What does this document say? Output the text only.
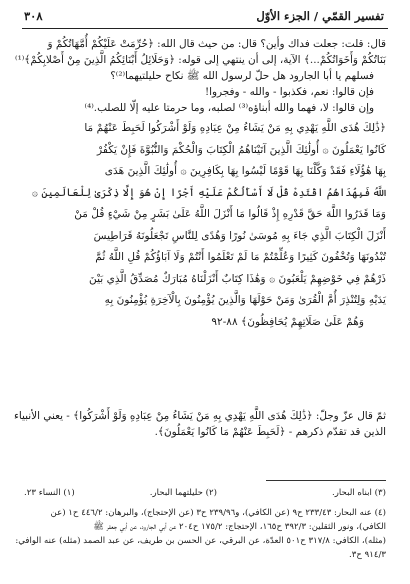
٣٠٨	تفسير القمّي / الجزء الأوّل
قال: قلت: جعلت فداك وأين؟ قال: من حيث قال الله: ﴿حُرِّمَتْ عَلَيْكُمْ أُمَّهَاتُكُمْ وَ
بَنَاتُكُمْ وَأَخَوَاتُكُمْ...﴾ الآية، إلى أن ينتهي إلى قوله: ﴿وَحَلَائِلُ أَبْنَائِكُمُ الَّذِينَ مِنْ أَصْلابِكُمْ﴾⁽¹⁾
فسلهم يا أبا الجارود هل حلّ لرسول الله ﷺ نكاح حليلتيهما⁽²⁾؟
فإن قالوا: نعم، فكذبوا - والله - وفجروا!
وإن قالوا: لا، فهما والله أبناؤه⁽³⁾ لصلبه، وما حرمتا عليه إلّا للصلب.⁽⁴⁾
﴿ذَٰلِكَ هُدَى اللَّهِ يَهْدِي بِهِ مَنْ يَشَاءُ مِنْ عِبَادِهِ وَلَوْ أَشْرَكُوا لَحَبِطَ عَنْهُمْ مَا
كَانُوا يَعْمَلُونَ ۞ أُولَٰئِكَ الَّذِينَ آتَيْنَاهُمُ الْكِتَابَ وَالْحُكْمَ وَالنُّبُوَّةَ فَإِنْ يَكْفُرْ
بِهَا هَٰؤُلَاءِ فَقَدْ وَكَّلْنَا بِهَا قَوْمًا لَيْسُوا بِهَا بِكَافِرِينَ ۞ أُولَٰئِكَ الَّذِينَ هَدَى
اللَّهُ فَبِهُدَاهُمُ اقْتَدِهْ قُلْ لَا أَسْأَلُكُمْ عَلَيْهِ أَجْرًا إِنْ هُوَ إِلَّا ذِكْرَىٰ لِلْعَالَمِينَ ۞
وَمَا قَدَرُوا اللَّهَ حَقَّ قَدْرِهِ إِذْ قَالُوا مَا أَنْزَلَ اللَّهُ عَلَىٰ بَشَرٍ مِنْ شَيْءٍ قُلْ مَنْ
أَنْزَلَ الْكِتَابَ الَّذِي جَاءَ بِهِ مُوسَىٰ نُورًا وَهُدًى لِلنَّاسِ تَجْعَلُونَهُ قَرَاطِيسَ
تُبْدُونَهَا وَتُخْفُونَ كَثِيرًا وَعُلِّمْتُمْ مَا لَمْ تَعْلَمُوا أَنْتُمْ وَلَا آبَاؤُكُمْ قُلِ اللَّهُ ثُمَّ
ذَرْهُمْ فِي خَوْضِهِمْ يَلْعَبُونَ ۞ وَهَٰذَا كِتَابٌ أَنْزَلْنَاهُ مُبَارَكٌ مُصَدِّقُ الَّذِي بَيْنَ
يَدَيْهِ وَلِتُنْذِرَ أُمَّ الْقُرَىٰ وَمَنْ حَوْلَهَا وَالَّذِينَ يُؤْمِنُونَ بِالْآخِرَةِ يُؤْمِنُونَ بِهِ
وَهُمْ عَلَىٰ صَلَاتِهِمْ يُحَافِظُونَ﴾ ٨٨-٩٢
ثمّ قال عزّ وجلّ: ﴿ذَٰلِكَ هُدَى اللَّهِ يَهْدِي بِهِ مَنْ يَشَاءُ مِنْ عِبَادِهِ وَلَوْ أَشْرَكُوا﴾ - يعني الأنبياء
الذين قد تقدّم ذكرهم - ﴿لَحَبِطَ عَنْهُمْ مَا كَانُوا يَعْمَلُونَ﴾.
(١) النساء ٢٣.	(٢) حليلتهما البحار.	(٣) ابناه البحار.
(٤) عنه البحار: ٢٣٣/٤٣ ح٩ (عن الكافي)، و٢٣٩/٩٦ ح٣ (عن الإحتجاج)، والبرهان: ٤٤٦/٢ ح١ (عن
الكافي)، ونور الثقلين: ٣٩٢/٣ ح١٦٥، الإحتجاج: ١٧٥/٢ ح٢٠٤ عن أبي الجارود، عن أبي جعفر ﷺ
(مثله)، الكافي: ٣١٧/٨ ح٥٠١ العدّة، عن البرقي، عن الحسن بن طريف، عن عبد الصمد (مثله) عنه الوافي:
٩١٤/٣ ح٣.
